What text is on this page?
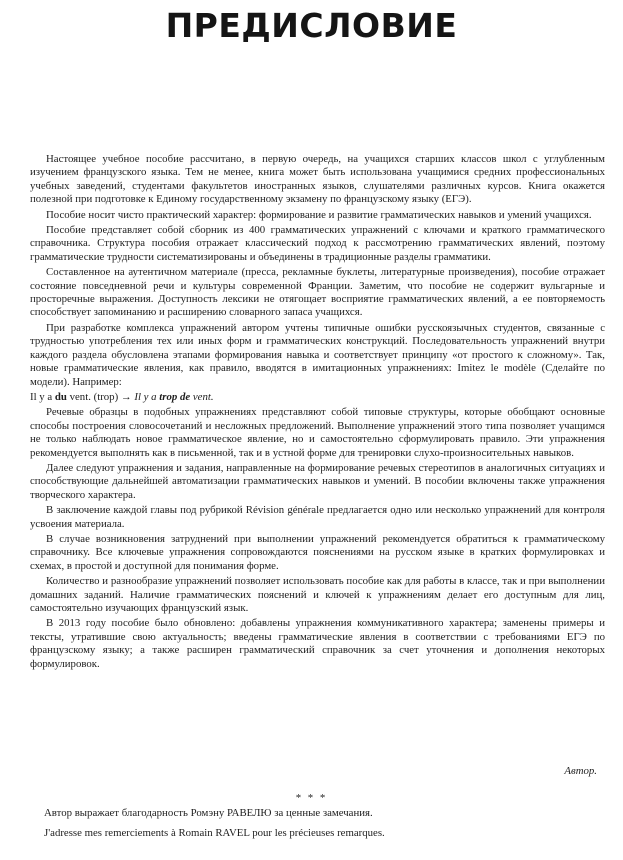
ПРЕДИСЛОВИЕ

Настоящее учебное пособие рассчитано, в первую очередь, на учащихся старших классов школ с углубленным изучением французского языка. Тем не менее, книга может быть использована учащимися средних профессиональных учебных заведений, студентами факультетов иностранных языков, слушателями различных курсов. Книга окажется полезной при подготовке к Единому государственному экзамену по французскому языку (ЕГЭ).

Пособие носит чисто практический характер: формирование и развитие грамматических навыков и умений учащихся.

Пособие представляет собой сборник из 400 грамматических упражнений с ключами и краткого грамматического справочника. Структура пособия отражает классический подход к рассмотрению грамматических явлений, поэтому грамматические трудности систематизированы и объединены в традиционные разделы грамматики.

Составленное на аутентичном материале (пресса, рекламные буклеты, литературные произведения), пособие отражает состояние повседневной речи и культуры современной Франции. Заметим, что пособие не содержит вульгарные и просторечные выражения. Доступность лексики не отягощает восприятие грамматических явлений, а ее повторяемость способствует запоминанию и расширению словарного запаса учащихся.

При разработке комплекса упражнений автором учтены типичные ошибки русскоязычных студентов, связанные с трудностью употребления тех или иных форм и грамматических конструкций. Последовательность упражнений внутри каждого раздела обусловлена этапами формирования навыка и соответствует принципу «от простого к сложному». Так, новые грамматические явления, как правило, вводятся в имитационных упражнениях: Imitez le modèle (Сделайте по модели). Например:

Il y a du vent. (trop) → Il y a trop de vent.

Речевые образцы в подобных упражнениях представляют собой типовые структуры, которые обобщают основные способы построения словосочетаний и несложных предложений. Выполнение упражнений этого типа позволяет учащимся не только наблюдать новое грамматическое явление, но и самостоятельно сформулировать правило. Эти упражнения рекомендуется выполнять как в письменной, так и в устной форме для тренировки слухо-произносительных навыков.

Далее следуют упражнения и задания, направленные на формирование речевых стереотипов в аналогичных ситуациях и способствующие дальнейшей автоматизации грамматических навыков и умений. В пособии включены также упражнения творческого характера.

В заключение каждой главы под рубрикой Révision générale предлагается одно или несколько упражнений для контроля усвоения материала.

В случае возникновения затруднений при выполнении упражнений рекомендуется обратиться к грамматическому справочнику. Все ключевые упражнения сопровождаются пояснениями на русском языке в кратких формулировках и схемах, в простой и доступной для понимания форме.

Количество и разнообразие упражнений позволяет использовать пособие как для работы в классе, так и при выполнении домашних заданий. Наличие грамматических пояснений и ключей к упражнениям делает его доступным для лиц, самостоятельно изучающих французский язык.

В 2013 году пособие было обновлено: добавлены упражнения коммуникативного характера; заменены примеры и тексты, утратившие свою актуальность; введены грамматические явления в соответствии с требованиями ЕГЭ по французскому языку; а также расширен грамматический справочник за счет уточнения и дополнения некоторых формулировок.

Автор.
* * *
Автор выражает благодарность Ромэну РАВЕЛЮ за ценные замечания.
J'adresse mes remerciements à Romain RAVEL pour les précieuses remarques.
